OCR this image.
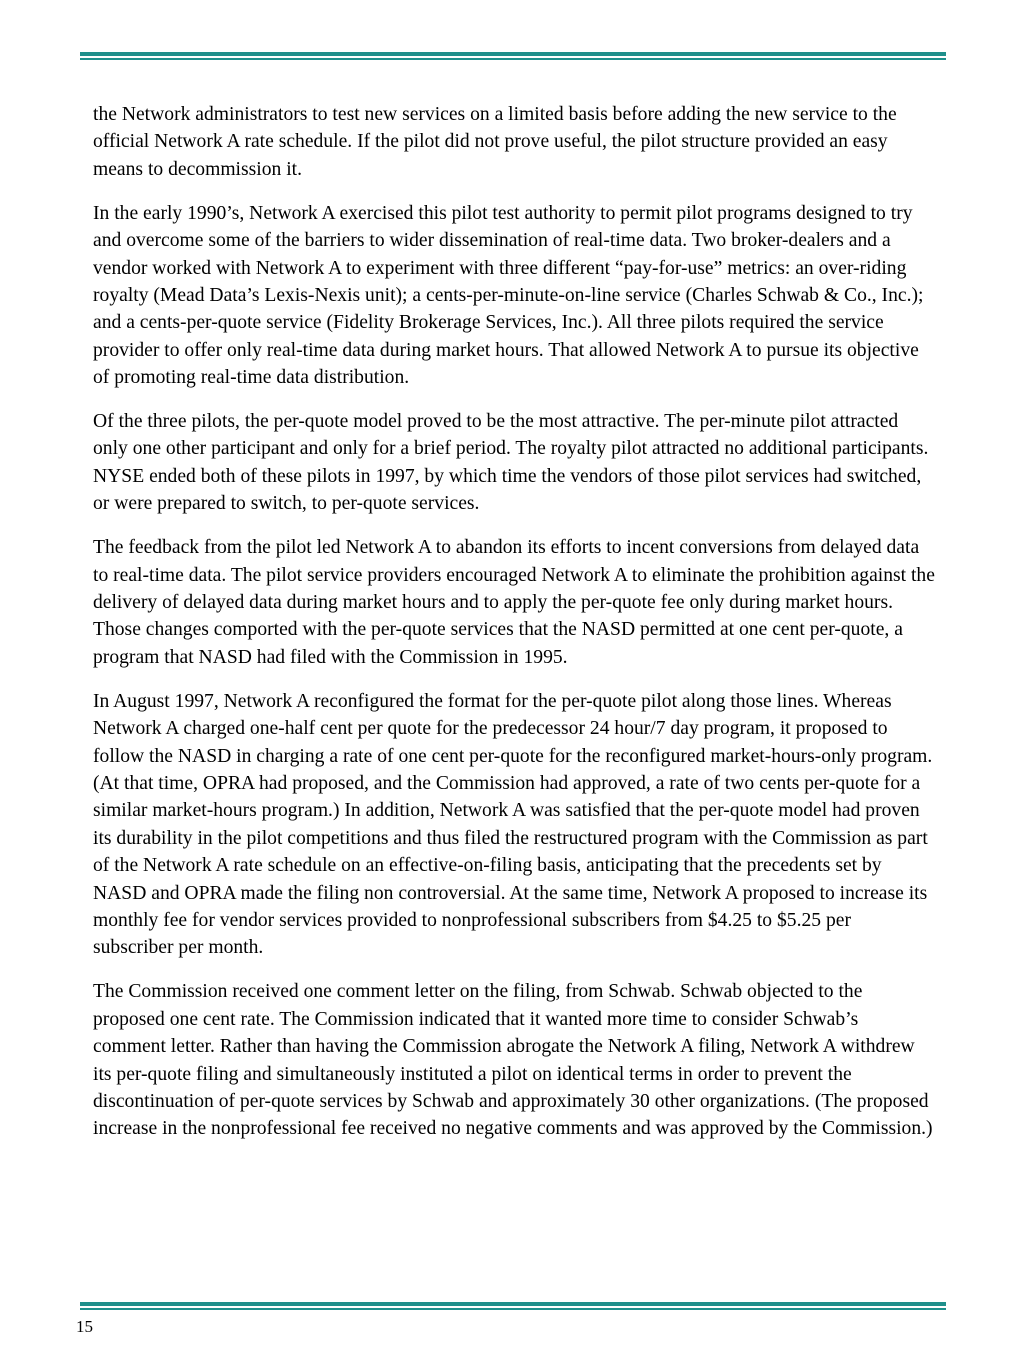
the Network administrators to test new services on a limited basis before adding the new service to the official Network A rate schedule. If the pilot did not prove useful, the pilot structure provided an easy means to decommission it.

In the early 1990’s, Network A exercised this pilot test authority to permit pilot programs designed to try and overcome some of the barriers to wider dissemination of real-time data. Two broker-dealers and a vendor worked with Network A to experiment with three different “pay-for-use” metrics: an over-riding royalty (Mead Data’s Lexis-Nexis unit); a cents-per-minute-on-line service (Charles Schwab & Co., Inc.); and a cents-per-quote service (Fidelity Brokerage Services, Inc.). All three pilots required the service provider to offer only real-time data during market hours. That allowed Network A to pursue its objective of promoting real-time data distribution.

Of the three pilots, the per-quote model proved to be the most attractive. The per-minute pilot attracted only one other participant and only for a brief period. The royalty pilot attracted no additional participants. NYSE ended both of these pilots in 1997, by which time the vendors of those pilot services had switched, or were prepared to switch, to per-quote services.

The feedback from the pilot led Network A to abandon its efforts to incent conversions from delayed data to real-time data. The pilot service providers encouraged Network A to eliminate the prohibition against the delivery of delayed data during market hours and to apply the per-quote fee only during market hours. Those changes comported with the per-quote services that the NASD permitted at one cent per-quote, a program that NASD had filed with the Commission in 1995.

In August 1997, Network A reconfigured the format for the per-quote pilot along those lines. Whereas Network A charged one-half cent per quote for the predecessor 24 hour/7 day program, it proposed to follow the NASD in charging a rate of one cent per-quote for the reconfigured market-hours-only program. (At that time, OPRA had proposed, and the Commission had approved, a rate of two cents per-quote for a similar market-hours program.) In addition, Network A was satisfied that the per-quote model had proven its durability in the pilot competitions and thus filed the restructured program with the Commission as part of the Network A rate schedule on an effective-on-filing basis, anticipating that the precedents set by NASD and OPRA made the filing non controversial. At the same time, Network A proposed to increase its monthly fee for vendor services provided to nonprofessional subscribers from $4.25 to $5.25 per subscriber per month.

The Commission received one comment letter on the filing, from Schwab. Schwab objected to the proposed one cent rate. The Commission indicated that it wanted more time to consider Schwab’s comment letter. Rather than having the Commission abrogate the Network A filing, Network A withdrew its per-quote filing and simultaneously instituted a pilot on identical terms in order to prevent the discontinuation of per-quote services by Schwab and approximately 30 other organizations. (The proposed increase in the nonprofessional fee received no negative comments and was approved by the Commission.)

15
